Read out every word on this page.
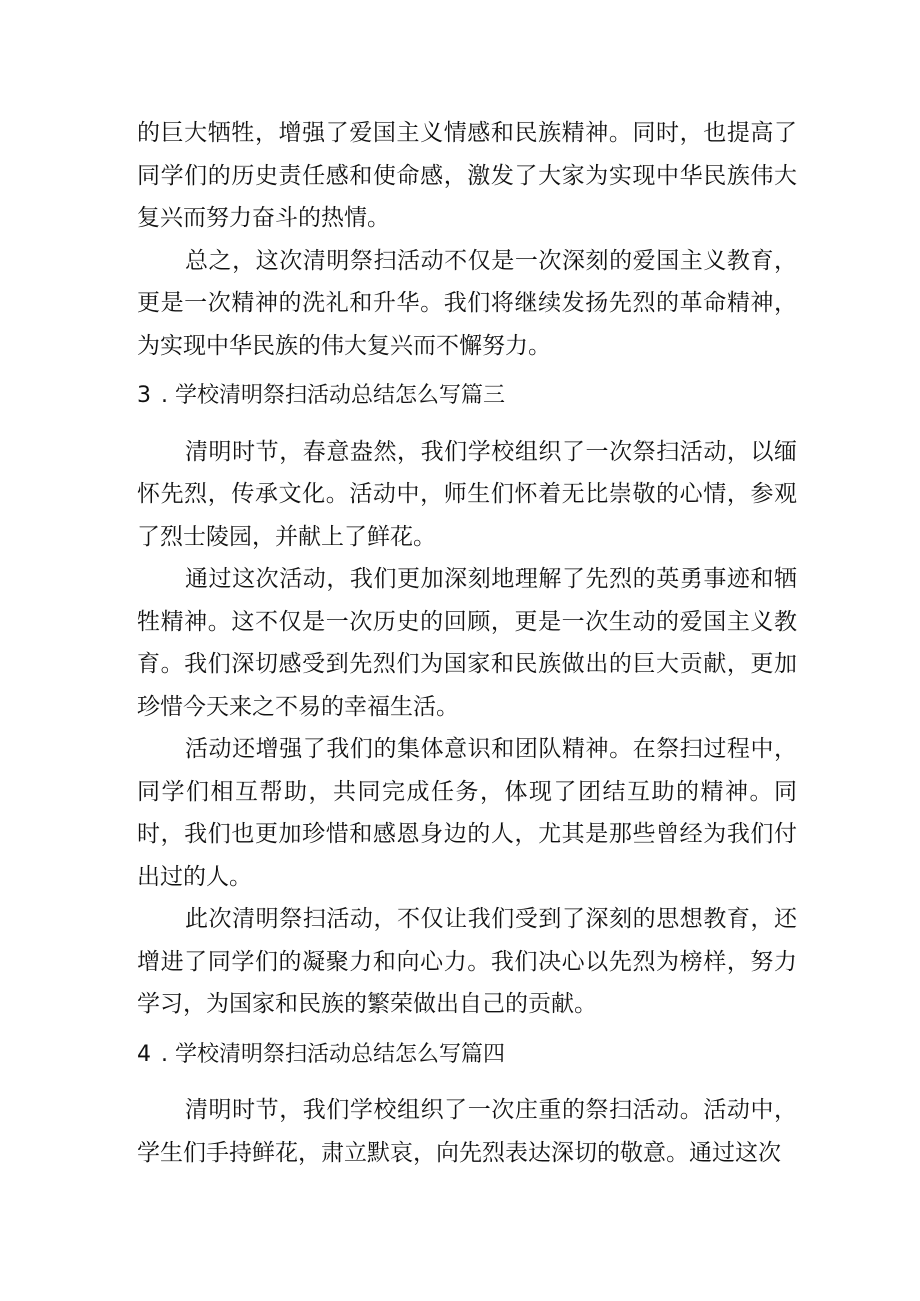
的巨大牺牲，增强了爱国主义情感和民族精神。同时，也提高了同学们的历史责任感和使命感，激发了大家为实现中华民族伟大复兴而努力奋斗的热情。

总之，这次清明祭扫活动不仅是一次深刻的爱国主义教育，更是一次精神的洗礼和升华。我们将继续发扬先烈的革命精神，为实现中华民族的伟大复兴而不懈努力。

3 . 学校清明祭扫活动总结怎么写篇三

清明时节，春意盎然，我们学校组织了一次祭扫活动，以缅怀先烈，传承文化。活动中，师生们怀着无比崇敬的心情，参观了烈士陵园，并献上了鲜花。

通过这次活动，我们更加深刻地理解了先烈的英勇事迹和牺牲精神。这不仅是一次历史的回顾，更是一次生动的爱国主义教育。我们深切感受到先烈们为国家和民族做出的巨大贡献，更加珍惜今天来之不易的幸福生活。

活动还增强了我们的集体意识和团队精神。在祭扫过程中，同学们相互帮助，共同完成任务，体现了团结互助的精神。同时，我们也更加珍惜和感恩身边的人，尤其是那些曾经为我们付出过的人。

此次清明祭扫活动，不仅让我们受到了深刻的思想教育，还增进了同学们的凝聚力和向心力。我们决心以先烈为榜样，努力学习，为国家和民族的繁荣做出自己的贡献。

4 . 学校清明祭扫活动总结怎么写篇四

清明时节，我们学校组织了一次庄重的祭扫活动。活动中，学生们手持鲜花，肃立默哀，向先烈表达深切的敬意。通过这次
